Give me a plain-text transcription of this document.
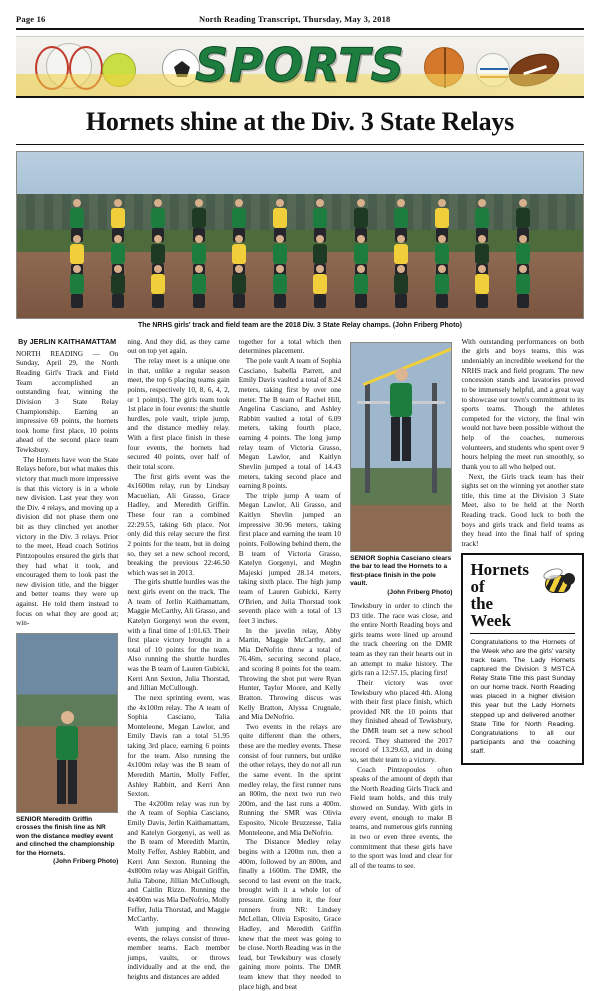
Page 16	North Reading Transcript, Thursday, May 3, 2018
SPORTS
Hornets shine at the Div. 3 State Relays
The NRHS girls' track and field team are the 2018 Div. 3 State Relay champs. (John Friberg Photo)
By JERLIN KAITHAMATTAM

NORTH READING — On Sunday, April 29, the North Reading Girl's Track and Field Team accomplished an outstanding feat, winning the Division 3 State Relay Championship. Earning an impressive 69 points, the hornets took home first place, 10 points ahead of the second place team Tewksbury.

The Hornets have won the State Relays before, but what makes this victory that much more impressive is that this victory is in a whole new division. Last year they won the Div. 4 relays, and moving up a division did not phase them one bit as they clinched yet another victory in the Div. 3 relays. Prior to the meet, Head coach Sotirios Pintzopoulos ensured the girls that they had what it took, and encouraged them to look past the new division title, and the bigger and better teams they were up against. He told them instead to focus on what they are good at; win-

SENIOR Meredith Griffin crosses the finish line as NR won the distance medley event and clinched the championship for the Hornets.
(John Friberg Photo)

ning. And they did, as they came out on top yet again.

The relay meet is a unique one in that, unlike a regular season meet, the top 6 placing teams gain points, respectively 10, 8, 6, 4, 2, or 1 point(s). The girls team took 1st place in four events: the shuttle hurdles, pole vault, triple jump, and the distance medley relay. With a first place finish in these four events, the hornets had secured 40 points, over half of their total score.

The first girls event was the 4x1600m relay, run by Lindsay Macuelian, Ali Grasso, Grace Hadley, and Meredith Griffin. These four ran a combined 22:29.55, taking 6th place. Not only did this relay secure the first 2 points for the team, but in doing so, they set a new school record, breaking the previous 22:46.50 which was set in 2013.

The girls shuttle hurdles was the next girls event on the track. The A team of Jerlin Kaithamattam, Maggie McCarthy, Ali Grasso, and Katelyn Gorgenyi won the event, with a final time of 1:01.63. Their first place victory brought in a total of 10 points for the team. Also running the shuttle hurdles was the B team of Lauren Gubicki, Kerri Ann Sexton, Julia Thorstad, and Jillian McCullough.

The next sprinting event, was the 4x100m relay. The A team of Sophia Casciano, Talia Monteleone, Megan Lawlor, and Emily Davis ran a total 51.95 taking 3rd place, earning 6 points for the team. Also running the 4x100m relay was the B team of Meredith Martin, Molly Feffer, Ashley Rabbitt, and Kerri Ann Sexton.

The 4x200m relay was run by the A team of Sophia Casciano, Emily Davis, Jerlin Kaithamattam, and Katelyn Gorgenyi, as well as the B team of Meredith Martin, Molly Feffer, Ashley Rabbitt, and Kerri Ann Sexton. Running the 4x800m relay was Abigail Griffin, Julia Tabone, Jillian McCullough, and Caitlin Rizzo. Running the 4x400m was Mia DeNofrio, Molly Feffer, Julia Thorstad, and Maggie McCarthy.

With jumping and throwing events, the relays consist of three-member teams. Each member jumps, vaults, or throws individually and at the end, the heights and distances are added

together for a total which then determines placement.

The pole vault A team of Sophia Casciano, Isabella Parrett, and Emily Davis vaulted a total of 8.24 meters, taking first by over one meter. The B team of Rachel Hill, Angelina Casciano, and Ashley Rabbitt vaulted a total of 6.09 meters, taking fourth place, earning 4 points. The long jump relay team of Victoria Grasso, Megan Lawlor, and Kaitlyn Shevlin jumped a total of 14.43 meters, taking second place and earning 8 points.

The triple jump A team of Megan Lawlor, Ali Grasso, and Kaitlyn Shevlin jumped an impressive 30.96 meters, taking first place and earning the team 10 points. Following behind them, the B team of Victoria Grasso, Katelyn Gorgenyi, and Meghn Majeski jumped 28.14 meters, taking sixth place. The high jump team of Lauren Gubicki, Kerry O'Brien, and Julia Thorstad took seventh place with a total of 13 feet 3 inches.

In the javelin relay, Abby Martin, Maggie McCarthy, and Mia DeNofrio threw a total of 76.46m, securing second place, and scoring 8 points for the team. Throwing the shot put were Ryan Hunter, Taylor Moore, and Kelly Bratton. Throwing discus was Kelly Bratton, Alyssa Crugnale, and Mia DeNofrio.

Two events in the relays are quite different than the others, these are the medley events. These consist of four runners, but unlike the other relays, they do not all run the same event. In the sprint medley relay, the first runner runs an 800m, the next two run two 200m, and the last runs a 400m. Running the SMR was Olivia Esposito, Nicole Bruzzesse, Talia Monteleone, and Mia DeNofrio.

The Distance Medley relay begins with a 1200m run, then a 400m, followed by an 800m, and finally a 1600m. The DMR, the second to last event on the track, brought with it a whole lot of pressure. Going into it, the four runners from NR: Lindsey McLellan, Olivia Esposito, Grace Hadley, and Meredith Griffin knew that the meet was going to be close. North Reading was in the lead, but Tewksbury was closely gaining more points. The DMR team knew that they needed to place high, and beat

SENIOR Sophia Casciano clears the bar to lead the Hornets to a first-place finish in the pole vault.
(John Friberg Photo)

Tewksbury in order to clinch the D3 title. The race was close, and the entire North Reading boys and girls teams were lined up around the track cheering on the DMR team as they ran their hearts out in an attempt to make history. The girls ran a 12:57.15, placing first!

Their victory was over Tewksbury who placed 4th. Along with their first place finish, which provided NR the 10 points that they finished ahead of Tewksbury, the DMR team set a new school record. They shattered the 2017 record of 13.29.63, and in doing so, set their team to a victory.

Coach Pintzopoulos often speaks of the amount of depth that the North Reading Girls Track and Field team holds, and this truly showed on Sunday. With girls in every event, enough to make B teams, and numerous girls running in two or even three events, the commitment that these girls have to the sport was loud and clear for all of the teams to see.

With outstanding performances on both the girls and boys teams, this was undeniably an incredible weekend for the NRHS track and field program. The new concession stands and lavatories proved to be immensely helpful, and a great way to showcase our town's commitment to its sports teams. Though the athletes competed for the victory, the final win would not have been possible without the help of the coaches, numerous volunteers, and students who spent over 9 hours helping the meet run smoothly, so thank you to all who helped out.

Next, the Girls track team has their sights set on the winning yet another state title, this time at the Division 3 State Meet, also to be held at the North Reading track. Good luck to both the boys and girls track and field teams as they head into the final half of spring track!

Hornets of
the Week
Congratulations to the Hornets of the Week who are the girls' varsity track team. The Lady Hornets captured the Division 3 MSTCA Relay State Title this past Sunday on our home track. North Reading was placed in a higher division this year but the Lady Hornets stepped up and delivered another State Title for North Reading. Congratulations to all our participants and the coaching staff.
